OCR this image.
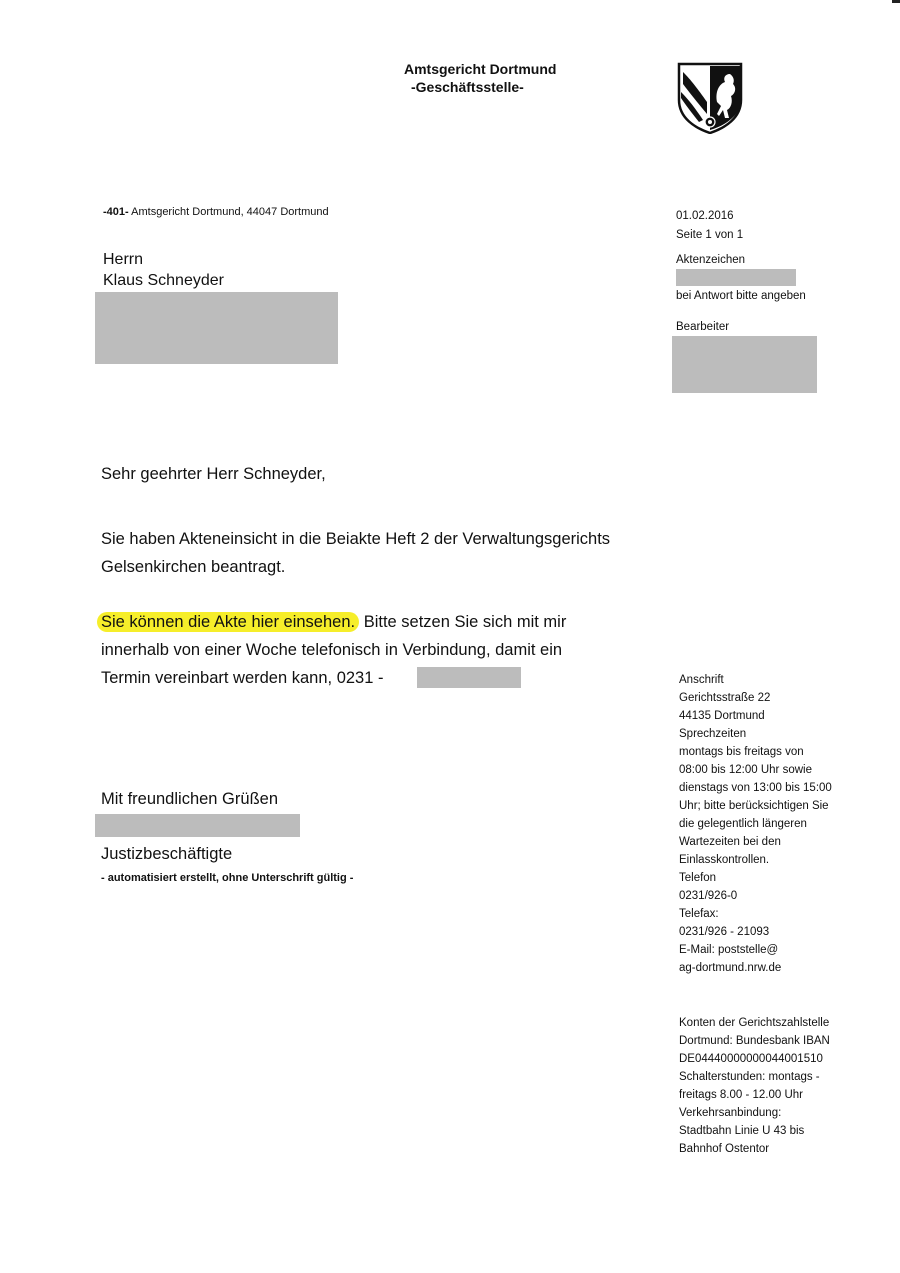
Amtsgericht Dortmund
-Geschäftsstelle-
-401- Amtsgericht Dortmund, 44047 Dortmund
Herrn
Klaus Schneyder
01.02.2016
Seite 1 von 1
Aktenzeichen
bei Antwort bitte angeben
Bearbeiter
Sehr geehrter Herr Schneyder,
Sie haben Akteneinsicht in die Beiakte Heft 2 der Verwaltungsgerichts
Gelsenkirchen beantragt.
Sie können die Akte hier einsehen. Bitte setzen Sie sich mit mir
innerhalb von einer Woche telefonisch in Verbindung, damit ein
Termin vereinbart werden kann, 0231 -
Mit freundlichen Grüßen
Justizbeschäftigte
- automatisiert erstellt, ohne Unterschrift gültig -
Anschrift
Gerichtsstraße 22
44135 Dortmund
Sprechzeiten
montags bis freitags von
08:00 bis 12:00 Uhr sowie
dienstags von 13:00 bis 15:00
Uhr; bitte berücksichtigen Sie
die gelegentlich längeren
Wartezeiten bei den
Einlasskontrollen.
Telefon
0231/926-0
Telefax:
0231/926 - 21093
E-Mail: poststelle@
ag-dortmund.nrw.de
Konten der Gerichtszahlstelle
Dortmund: Bundesbank IBAN
DE04440000000044001510
Schalterstunden: montags -
freitags 8.00 - 12.00 Uhr
Verkehrsanbindung:
Stadtbahn Linie U 43 bis
Bahnhof Ostentor
